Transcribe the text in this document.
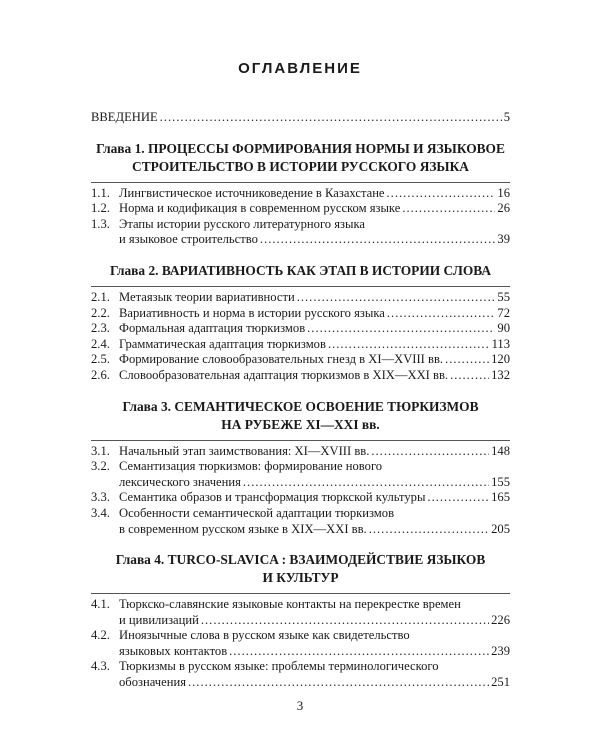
ОГЛАВЛЕНИЕ
ВВЕДЕНИЕ .....	5
Глава 1. ПРОЦЕССЫ ФОРМИРОВАНИЯ НОРМЫ И ЯЗЫКОВОЕ
СТРОИТЕЛЬСТВО В ИСТОРИИ РУССКОГО ЯЗЫКА
1.1. Лингвистическое источниковедение в Казахстане .....	16
1.2. Норма и кодификация в современном русском языке .....	26
1.3. Этапы истории русского литературного языка
и языковое строительство .....	39
Глава 2. ВАРИАТИВНОСТЬ КАК ЭТАП В ИСТОРИИ СЛОВА
2.1. Метаязык теории вариативности .....	55
2.2. Вариативность и норма в истории русского языка .....	72
2.3. Формальная адаптация тюркизмов .....	90
2.4. Грамматическая адаптация тюркизмов .....	113
2.5. Формирование словообразовательных гнезд в XI—XVIII вв. .....	120
2.6. Словообразовательная адаптация тюркизмов в XIX—XXI вв. .....	132
Глава 3. СЕМАНТИЧЕСКОЕ ОСВОЕНИЕ ТЮРКИЗМОВ
НА РУБЕЖЕ XI—XXI вв.
3.1. Начальный этап заимствования: XI—XVIII вв. .....	148
3.2. Семантизация тюркизмов: формирование нового
лексического значения .....	155
3.3. Семантика образов и трансформация тюркской культуры .....	165
3.4. Особенности семантической адаптации тюркизмов
в современном русском языке в XIX—XXI вв. .....	205
Глава 4. TURCO-SLAVICA : ВЗАИМОДЕЙСТВИЕ ЯЗЫКОВ
И КУЛЬТУР
4.1. Тюркско-славянские языковые контакты на перекрестке времен
и цивилизаций .....	226
4.2. Иноязычные слова в русском языке как свидетельство
языковых контактов .....	239
4.3. Тюркизмы в русском языке: проблемы терминологического
обозначения .....	251
3
